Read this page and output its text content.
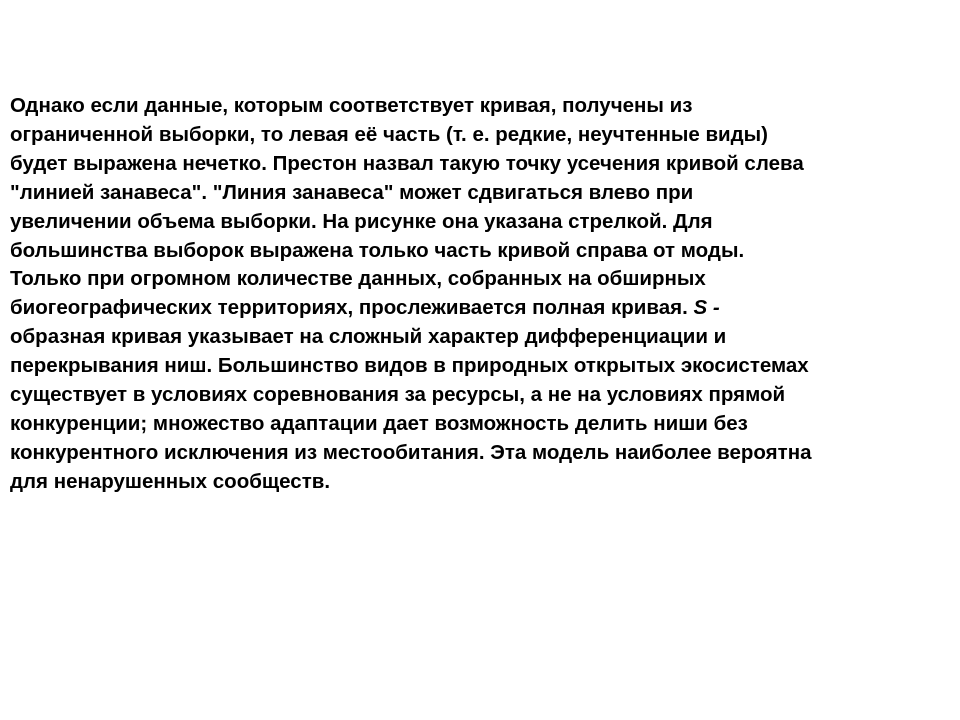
Однако если данные, которым соответствует кривая, получены из
ограниченной выборки, то левая её часть (т. е. редкие, неучтенные виды)
будет выражена нечетко. Престон назвал такую точку усечения кривой слева
"линией занавеса". "Линия занавеса" может сдвигаться влево при
увеличении объема выборки. На рисунке она указана стрелкой. Для
большинства выборок выражена только часть кривой справа от моды.
Только при огромном количестве данных, собранных на обширных
биогеографических территориях, прослеживается полная кривая. S -
образная кривая указывает на сложный характер дифференциации и
перекрывания ниш. Большинство видов в природных открытых экосистемах
существует в условиях соревнования за ресурсы, а не на условиях прямой
конкуренции; множество адаптации дает возможность делить ниши без
конкурентного исключения из местообитания. Эта модель наиболее вероятна
для ненарушенных сообществ.
